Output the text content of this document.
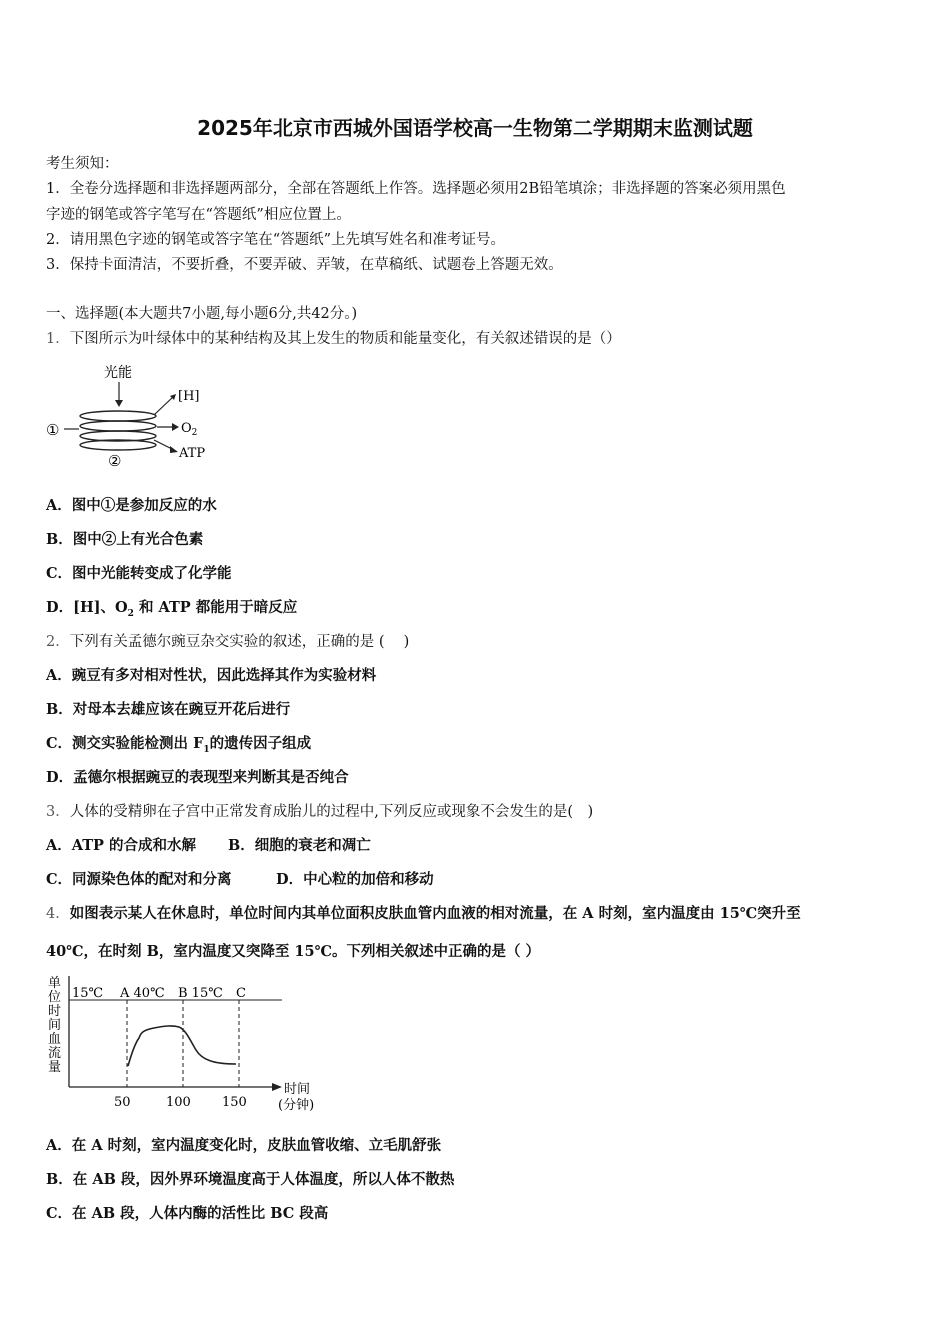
2025年北京市西城外国语学校高一生物第二学期期末监测试题
考生须知：
1．全卷分选择题和非选择题两部分，全部在答题纸上作答。选择题必须用2B铅笔填涂；非选择题的答案必须用黑色
字迹的钢笔或答字笔写在“答题纸”相应位置上。
2．请用黑色字迹的钢笔或答字笔在“答题纸”上先填写姓名和准考证号。
3．保持卡面清洁，不要折叠，不要弄破、弄皱，在草稿纸、试题卷上答题无效。
一、选择题(本大题共7小题,每小题6分,共42分。)
1．下图所示为叶绿体中的某种结构及其上发生的物质和能量变化，有关叙述错误的是（）
光能
①
②
[H]
$O_2$
ATP
A．图中①是参加反应的水
B．图中②上有光合色素
C．图中光能转变成了化学能
D．[H]、$O_2$ 和 ATP 都能用于暗反应
2．下列有关孟德尔豌豆杂交实验的叙述，正确的是 (　 )
A．豌豆有多对相对性状，因此选择其作为实验材料
B．对母本去雄应该在豌豆开花后进行
C．测交实验能检测出 $F_1$的遗传因子组成
D．孟德尔根据豌豆的表现型来判断其是否纯合
3．人体的受精卵在子宫中正常发育成胎儿的过程中,下列反应或现象不会发生的是(　)
A．ATP 的合成和水解 B．细胞的衰老和凋亡
C．同源染色体的配对和分离	D．中心粒的加倍和移动
4．如图表示某人在休息时，单位时间内其单位面积皮肤血管内血液的相对流量，在 A 时刻，室内温度由 15℃突升至
40℃，在时刻 B，室内温度又突降至 15℃。下列相关叙述中正确的是（ ）
单
位
时
间
血
流
量
15℃ A 40℃ B 15℃ C
50	100 150
时间
(分钟)
A．在 A 时刻，室内温度变化时，皮肤血管收缩、立毛肌舒张
B．在 AB 段，因外界环境温度高于人体温度，所以人体不散热
C．在 AB 段，人体内酶的活性比 BC 段高
